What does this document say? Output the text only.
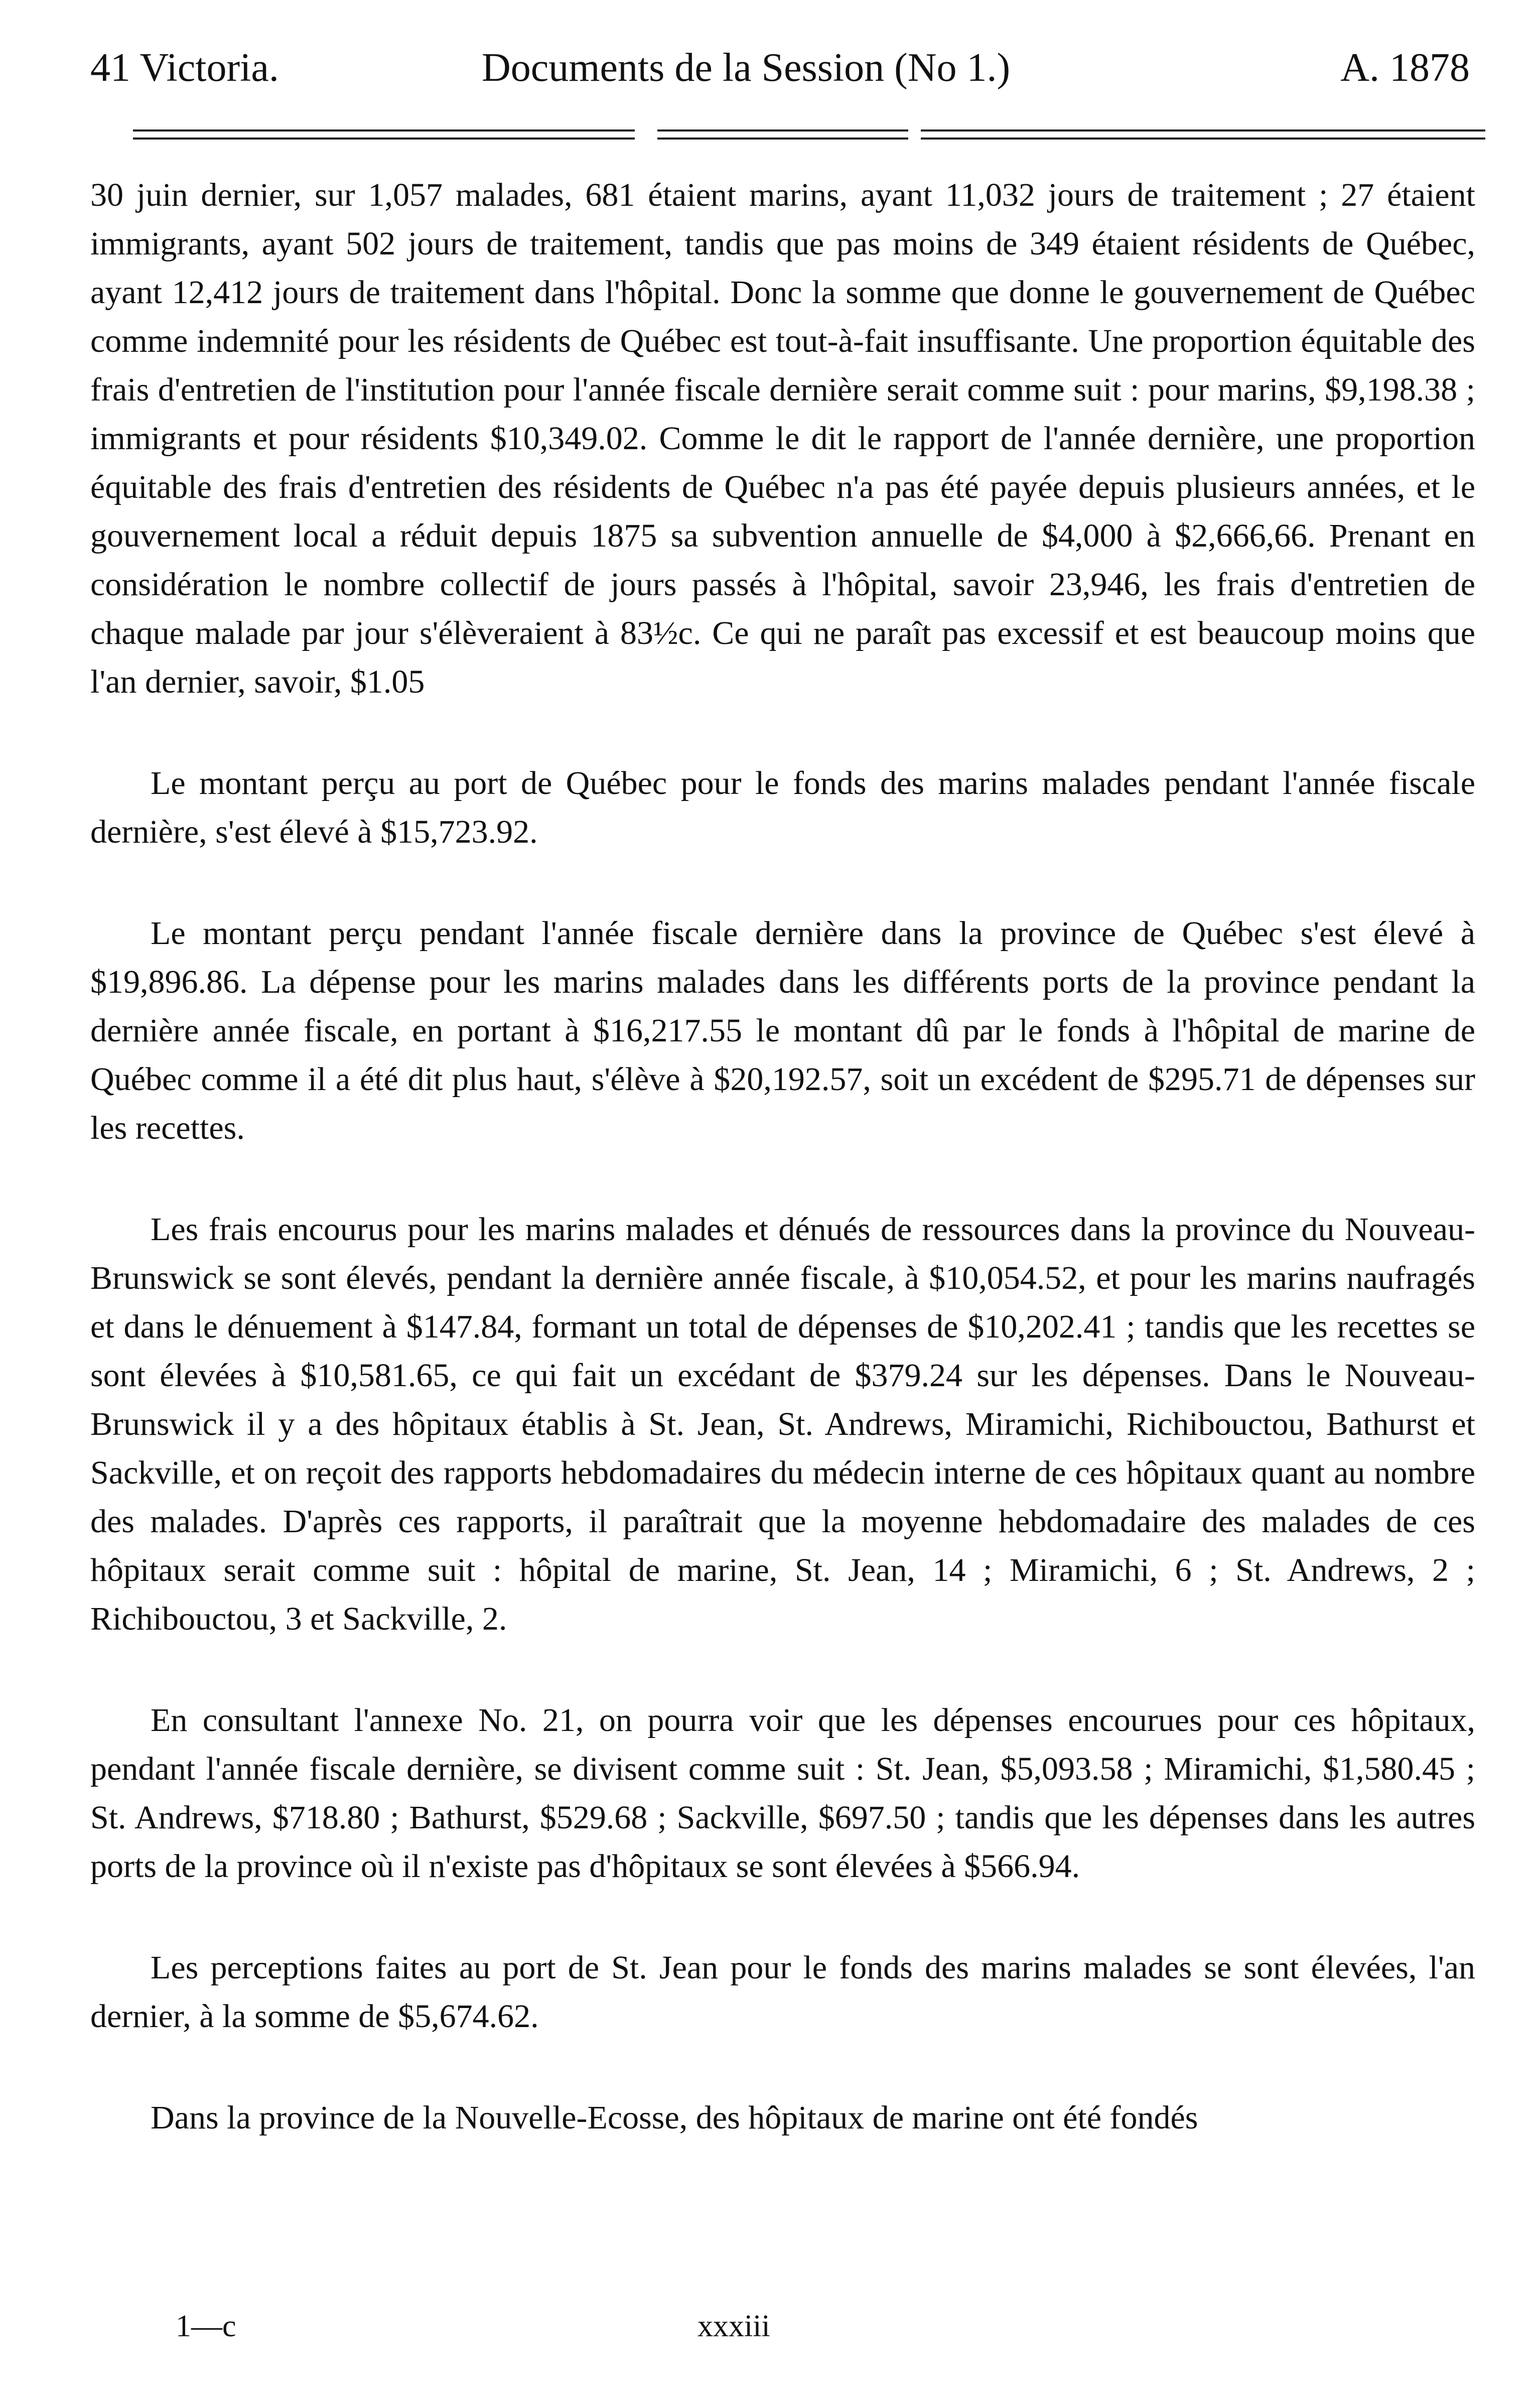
41 Victoria.	Documents de la Session (No 1.)	A. 1878

30 juin dernier, sur 1,057 malades, 681 étaient marins, ayant 11,032 jours de traitement ; 27 étaient immigrants, ayant 502 jours de traitement, tandis que pas moins de 349 étaient résidents de Québec, ayant 12,412 jours de traitement dans l'hôpital. Donc la somme que donne le gouvernement de Québec comme indemnité pour les résidents de Québec est tout-à-fait insuffisante. Une proportion équitable des frais d'entretien de l'institution pour l'année fiscale dernière serait comme suit : pour marins, $9,198.38 ; immigrants et pour résidents $10,349.02. Comme le dit le rapport de l'année dernière, une proportion équitable des frais d'entretien des résidents de Québec n'a pas été payée depuis plusieurs années, et le gouvernement local a réduit depuis 1875 sa subvention annuelle de $4,000 à $2,666,66. Prenant en considération le nombre collectif de jours passés à l'hôpital, savoir 23,946, les frais d'entretien de chaque malade par jour s'élèveraient à 83½c. Ce qui ne paraît pas excessif et est beaucoup moins que l'an dernier, savoir, $1.05

Le montant perçu au port de Québec pour le fonds des marins malades pendant l'année fiscale dernière, s'est élevé à $15,723.92.

Le montant perçu pendant l'année fiscale dernière dans la province de Québec s'est élevé à $19,896.86. La dépense pour les marins malades dans les différents ports de la province pendant la dernière année fiscale, en portant à $16,217.55 le montant dû par le fonds à l'hôpital de marine de Québec comme il a été dit plus haut, s'élève à $20,192.57, soit un excédent de $295.71 de dépenses sur les recettes.

Les frais encourus pour les marins malades et dénués de ressources dans la province du Nouveau-Brunswick se sont élevés, pendant la dernière année fiscale, à $10,054.52, et pour les marins naufragés et dans le dénuement à $147.84, formant un total de dépenses de $10,202.41 ; tandis que les recettes se sont élevées à $10,581.65, ce qui fait un excédant de $379.24 sur les dépenses. Dans le Nouveau-Brunswick il y a des hôpitaux établis à St. Jean, St. Andrews, Miramichi, Richibouctou, Bathurst et Sackville, et on reçoit des rapports hebdomadaires du médecin interne de ces hôpitaux quant au nombre des malades. D'après ces rapports, il paraîtrait que la moyenne hebdomadaire des malades de ces hôpitaux serait comme suit : hôpital de marine, St. Jean, 14 ; Miramichi, 6 ; St. Andrews, 2 ; Richibouctou, 3 et Sackville, 2.

En consultant l'annexe No. 21, on pourra voir que les dépenses encourues pour ces hôpitaux, pendant l'année fiscale dernière, se divisent comme suit : St. Jean, $5,093.58 ; Miramichi, $1,580.45 ; St. Andrews, $718.80 ; Bathurst, $529.68 ; Sackville, $697.50 ; tandis que les dépenses dans les autres ports de la province où il n'existe pas d'hôpitaux se sont élevées à $566.94.

Les perceptions faites au port de St. Jean pour le fonds des marins malades se sont élevées, l'an dernier, à la somme de $5,674.62.

Dans la province de la Nouvelle-Ecosse, des hôpitaux de marine ont été fondés

1—c	xxxiii
